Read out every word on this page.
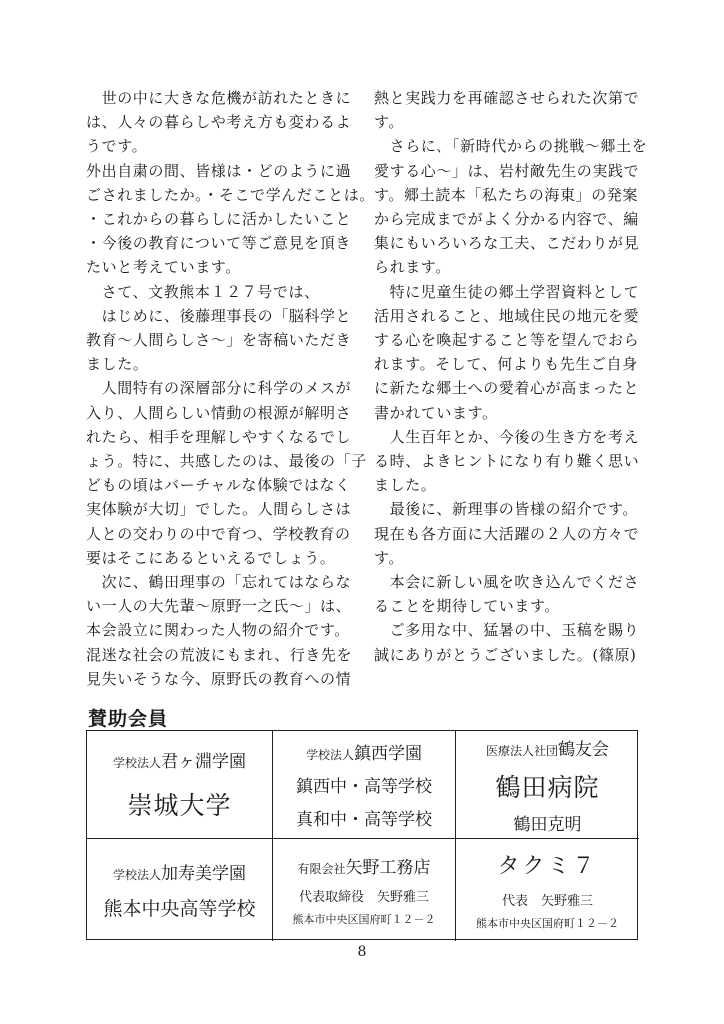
　世の中に大きな危機が訪れたときに

は、人々の暮らしや考え方も変わるよ

うです。

外出自粛の間、皆様は・どのように過

ごされましたか。・そこで学んだことは。

・これからの暮らしに活かしたいこと

・今後の教育について等ご意見を頂き

たいと考えています。

　さて、文教熊本１２７号では、

　はじめに、後藤理事長の「脳科学と

教育～人間らしさ～」を寄稿いただき

ました。

　人間特有の深層部分に科学のメスが

入り、人間らしい情動の根源が解明さ

れたら、相手を理解しやすくなるでし

ょう。特に、共感したのは、最後の「子

どもの頃はバーチャルな体験ではなく

実体験が大切」でした。人間らしさは

人との交わりの中で育つ、学校教育の

要はそこにあるといえるでしょう。

　次に、鶴田理事の「忘れてはならな

い一人の大先輩～原野一之氏～」は、

本会設立に関わった人物の紹介です。

混迷な社会の荒波にもまれ、行き先を

見失いそうな今、原野氏の教育への情

熱と実践力を再確認させられた次第で

す。

　さらに､「新時代からの挑戦～郷土を

愛する心～」は、岩村敵先生の実践で

す。郷土読本「私たちの海東」の発案

から完成までがよく分かる内容で、編

集にもいろいろな工夫、こだわりが見

られます。

　特に児童生徒の郷土学習資料として

活用されること、地域住民の地元を愛

する心を喚起すること等を望んでおら

れます。そして、何よりも先生ご自身

に新たな郷土への愛着心が高まったと

書かれています。

　人生百年とか、今後の生き方を考え

る時、よきヒントになり有り難く思い

ました。

　最後に、新理事の皆様の紹介です。

現在も各方面に大活躍の２人の方々で

す。

　本会に新しい風を吹き込んでくださ

ることを期待しています。

　ご多用な中、猛暑の中、玉稿を賜り

誠にありがとうございました。(篠原)

賛助会員
学校法人君ヶ淵学園
崇城大学
学校法人鎮西学園
鎮西中・高等学校
真和中・高等学校
医療法人社団鶴友会
鶴田病院
鶴田克明
学校法人加寿美学園
熊本中央高等学校
有限会社矢野工務店
代表取締役　矢野雅三
熊本市中央区国府町１２－２
タクミ７
代表　矢野雅三
熊本市中央区国府町１２－２
8
